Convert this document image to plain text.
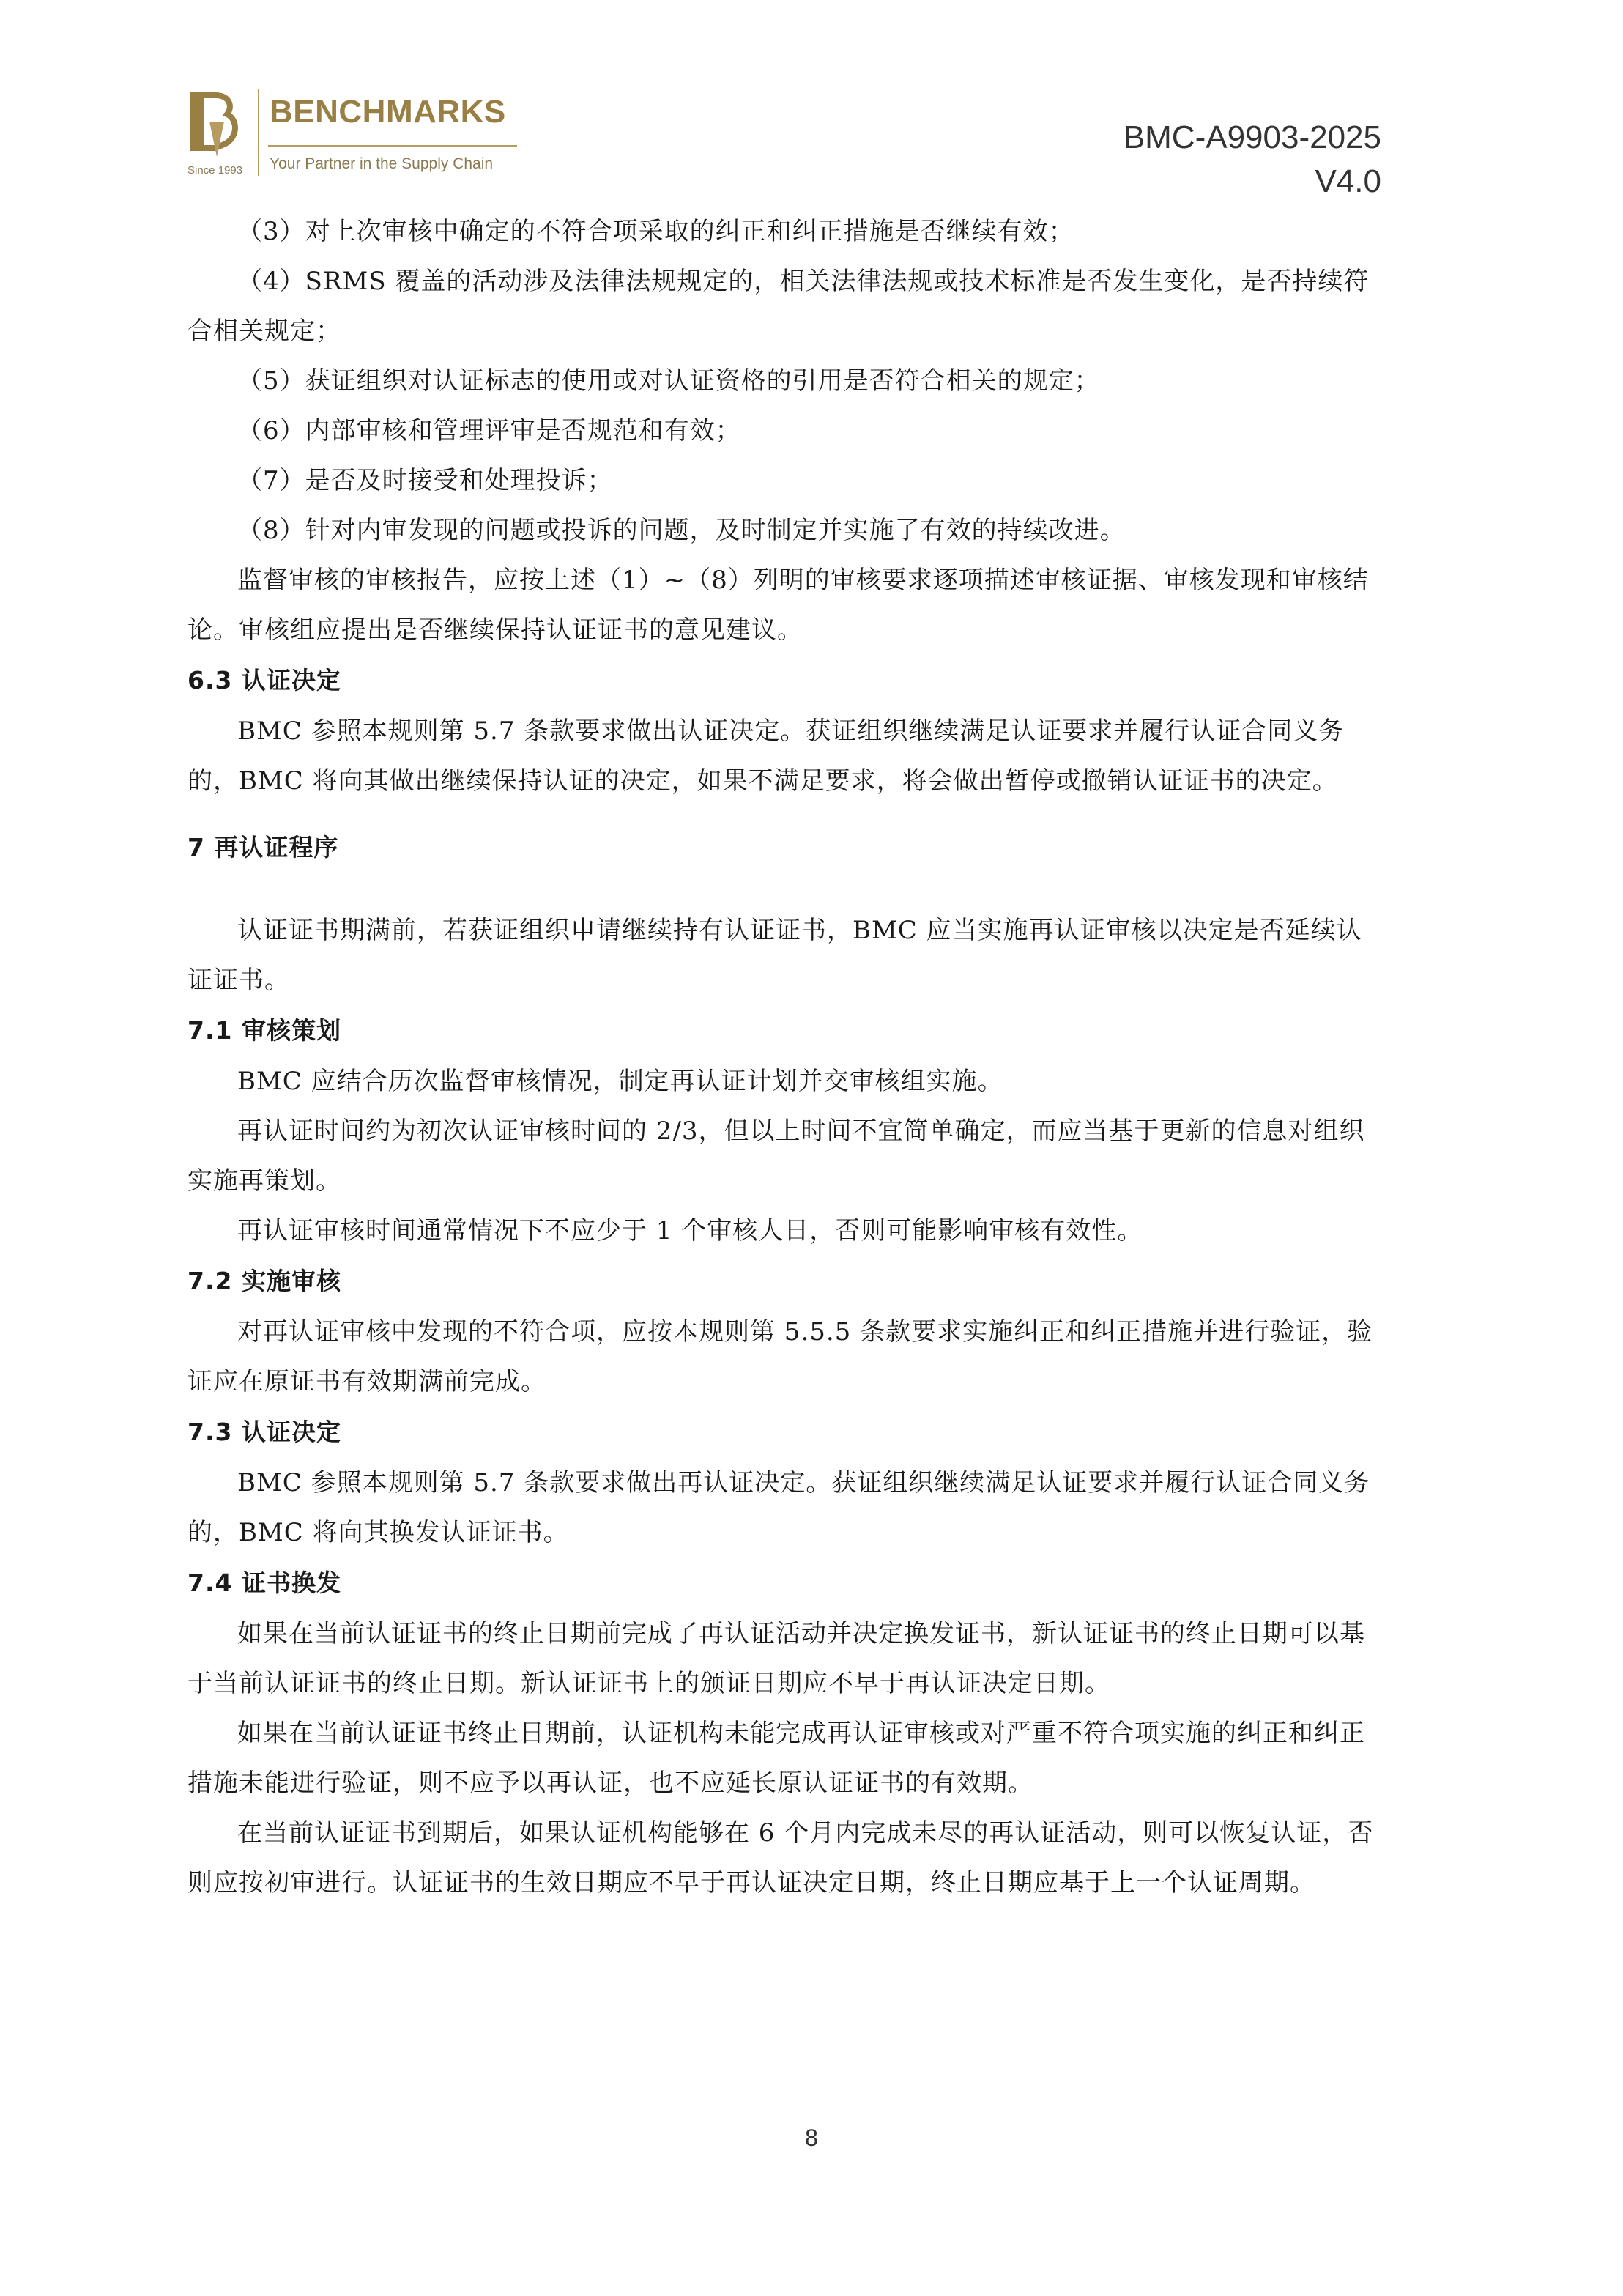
Since 1993
BENCHMARKS
Your Partner in the Supply Chain
BMC-A9903-2025
V4.0

（3）对上次审核中确定的不符合项采取的纠正和纠正措施是否继续有效；

（4）SRMS 覆盖的活动涉及法律法规规定的，相关法律法规或技术标准是否发生变化，是否持续符合相关规定；

（5）获证组织对认证标志的使用或对认证资格的引用是否符合相关的规定；

（6）内部审核和管理评审是否规范和有效；

（7）是否及时接受和处理投诉；

（8）针对内审发现的问题或投诉的问题，及时制定并实施了有效的持续改进。

监督审核的审核报告，应按上述（1）~（8）列明的审核要求逐项描述审核证据、审核发现和审核结论。审核组应提出是否继续保持认证证书的意见建议。

6.3 认证决定

BMC 参照本规则第 5.7 条款要求做出认证决定。获证组织继续满足认证要求并履行认证合同义务的，BMC 将向其做出继续保持认证的决定，如果不满足要求，将会做出暂停或撤销认证证书的决定。

7 再认证程序

认证证书期满前，若获证组织申请继续持有认证证书，BMC 应当实施再认证审核以决定是否延续认证证书。

7.1 审核策划

BMC 应结合历次监督审核情况，制定再认证计划并交审核组实施。

再认证时间约为初次认证审核时间的 2/3，但以上时间不宜简单确定，而应当基于更新的信息对组织实施再策划。

再认证审核时间通常情况下不应少于 1 个审核人日，否则可能影响审核有效性。

7.2 实施审核

对再认证审核中发现的不符合项，应按本规则第 5.5.5 条款要求实施纠正和纠正措施并进行验证，验证应在原证书有效期满前完成。

7.3 认证决定

BMC 参照本规则第 5.7 条款要求做出再认证决定。获证组织继续满足认证要求并履行认证合同义务的，BMC 将向其换发认证证书。

7.4 证书换发

如果在当前认证证书的终止日期前完成了再认证活动并决定换发证书，新认证证书的终止日期可以基于当前认证证书的终止日期。新认证证书上的颁证日期应不早于再认证决定日期。

如果在当前认证证书终止日期前，认证机构未能完成再认证审核或对严重不符合项实施的纠正和纠正措施未能进行验证，则不应予以再认证，也不应延长原认证证书的有效期。

在当前认证证书到期后，如果认证机构能够在 6 个月内完成未尽的再认证活动，则可以恢复认证，否则应按初审进行。认证证书的生效日期应不早于再认证决定日期，终止日期应基于上一个认证周期。

8
